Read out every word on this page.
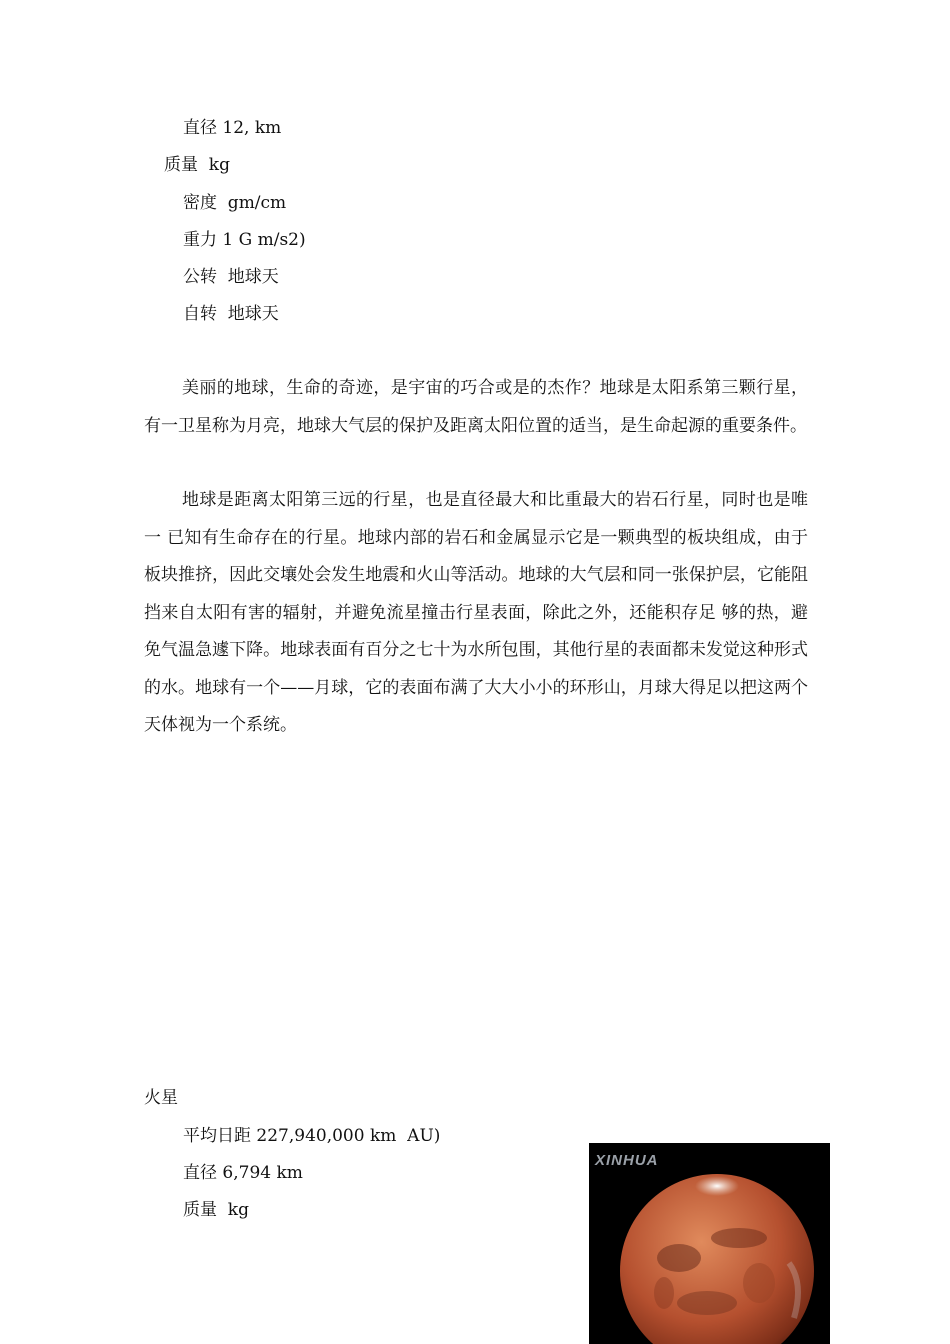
直径 12, km
质量  kg
密度  gm/cm
重力 1 G m/s2)
公转  地球天
自转  地球天
美丽的地球，生命的奇迹，是宇宙的巧合或是的杰作？地球是太阳系第三颗行星，有一卫星称为月亮，地球大气层的保护及距离太阳位置的适当，是生命起源的重要条件。
地球是距离太阳第三远的行星，也是直径最大和比重最大的岩石行星，同时也是唯一 已知有生命存在的行星。地球内部的岩石和金属显示它是一颗典型的板块组成，由于板块推挤，因此交壤处会发生地震和火山等活动。地球的大气层和同一张保护层，它能阻挡来自太阳有害的辐射，并避免流星撞击行星表面，除此之外，还能积存足 够的热，避免气温急遽下降。地球表面有百分之七十为水所包围，其他行星的表面都未发觉这种形式的水。地球有一个——月球，它的表面布满了大大小小的环形山，月球大得足以把这两个天体视为一个系统。
火星
平均日距 227,940,000 km  AU)
直径 6,794 km
质量  kg
XINHUA
